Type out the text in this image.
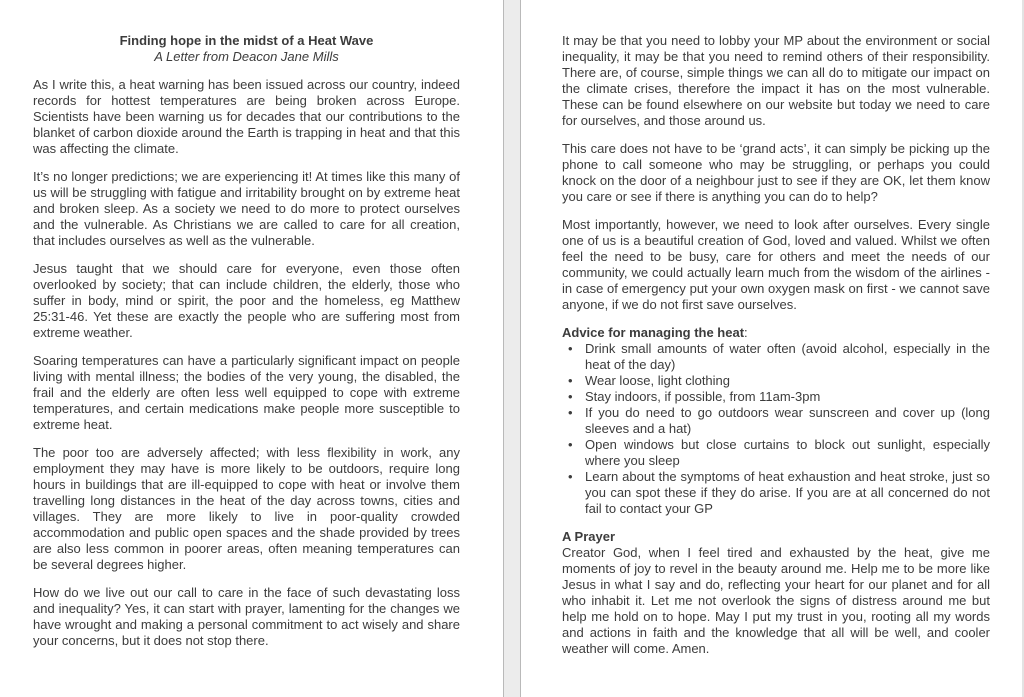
Finding hope in the midst of a Heat Wave
A Letter from Deacon Jane Mills

As I write this, a heat warning has been issued across our country, indeed records for hottest temperatures are being broken across Europe. Scientists have been warning us for decades that our contributions to the blanket of carbon dioxide around the Earth is trapping in heat and that this was affecting the climate.

It’s no longer predictions; we are experiencing it! At times like this many of us will be struggling with fatigue and irritability brought on by extreme heat and broken sleep. As a society we need to do more to protect ourselves and the vulnerable. As Christians we are called to care for all creation, that includes ourselves as well as the vulnerable.

Jesus taught that we should care for everyone, even those often overlooked by society; that can include children, the elderly, those who suffer in body, mind or spirit, the poor and the homeless, eg Matthew 25:31-46. Yet these are exactly the people who are suffering most from extreme weather.

Soaring temperatures can have a particularly significant impact on people living with mental illness; the bodies of the very young, the disabled, the frail and the elderly are often less well equipped to cope with extreme temperatures, and certain medications make people more susceptible to extreme heat.

The poor too are adversely affected; with less flexibility in work, any employment they may have is more likely to be outdoors, require long hours in buildings that are ill-equipped to cope with heat or involve them travelling long distances in the heat of the day across towns, cities and villages. They are more likely to live in poor-quality crowded accommodation and public open spaces and the shade provided by trees are also less common in poorer areas, often meaning temperatures can be several degrees higher.

How do we live out our call to care in the face of such devastating loss and inequality? Yes, it can start with prayer, lamenting for the changes we have wrought and making a personal commitment to act wisely and share your concerns, but it does not stop there.

It may be that you need to lobby your MP about the environment or social inequality, it may be that you need to remind others of their responsibility. There are, of course, simple things we can all do to mitigate our impact on the climate crises, therefore the impact it has on the most vulnerable. These can be found elsewhere on our website but today we need to care for ourselves, and those around us.

This care does not have to be ‘grand acts’, it can simply be picking up the phone to call someone who may be struggling, or perhaps you could knock on the door of a neighbour just to see if they are OK, let them know you care or see if there is anything you can do to help?

Most importantly, however, we need to look after ourselves. Every single one of us is a beautiful creation of God, loved and valued. Whilst we often feel the need to be busy, care for others and meet the needs of our community, we could actually learn much from the wisdom of the airlines - in case of emergency put your own oxygen mask on first - we cannot save anyone, if we do not first save ourselves.

Advice for managing the heat:
• Drink small amounts of water often (avoid alcohol, especially in the heat of the day)
• Wear loose, light clothing
• Stay indoors, if possible, from 11am-3pm
• If you do need to go outdoors wear sunscreen and cover up (long sleeves and a hat)
• Open windows but close curtains to block out sunlight, especially where you sleep
• Learn about the symptoms of heat exhaustion and heat stroke, just so you can spot these if they do arise. If you are at all concerned do not fail to contact your GP
A Prayer

Creator God, when I feel tired and exhausted by the heat, give me moments of joy to revel in the beauty around me. Help me to be more like Jesus in what I say and do, reflecting your heart for our planet and for all who inhabit it. Let me not overlook the signs of distress around me but help me hold on to hope. May I put my trust in you, rooting all my words and actions in faith and the knowledge that all will be well, and cooler weather will come. Amen.
